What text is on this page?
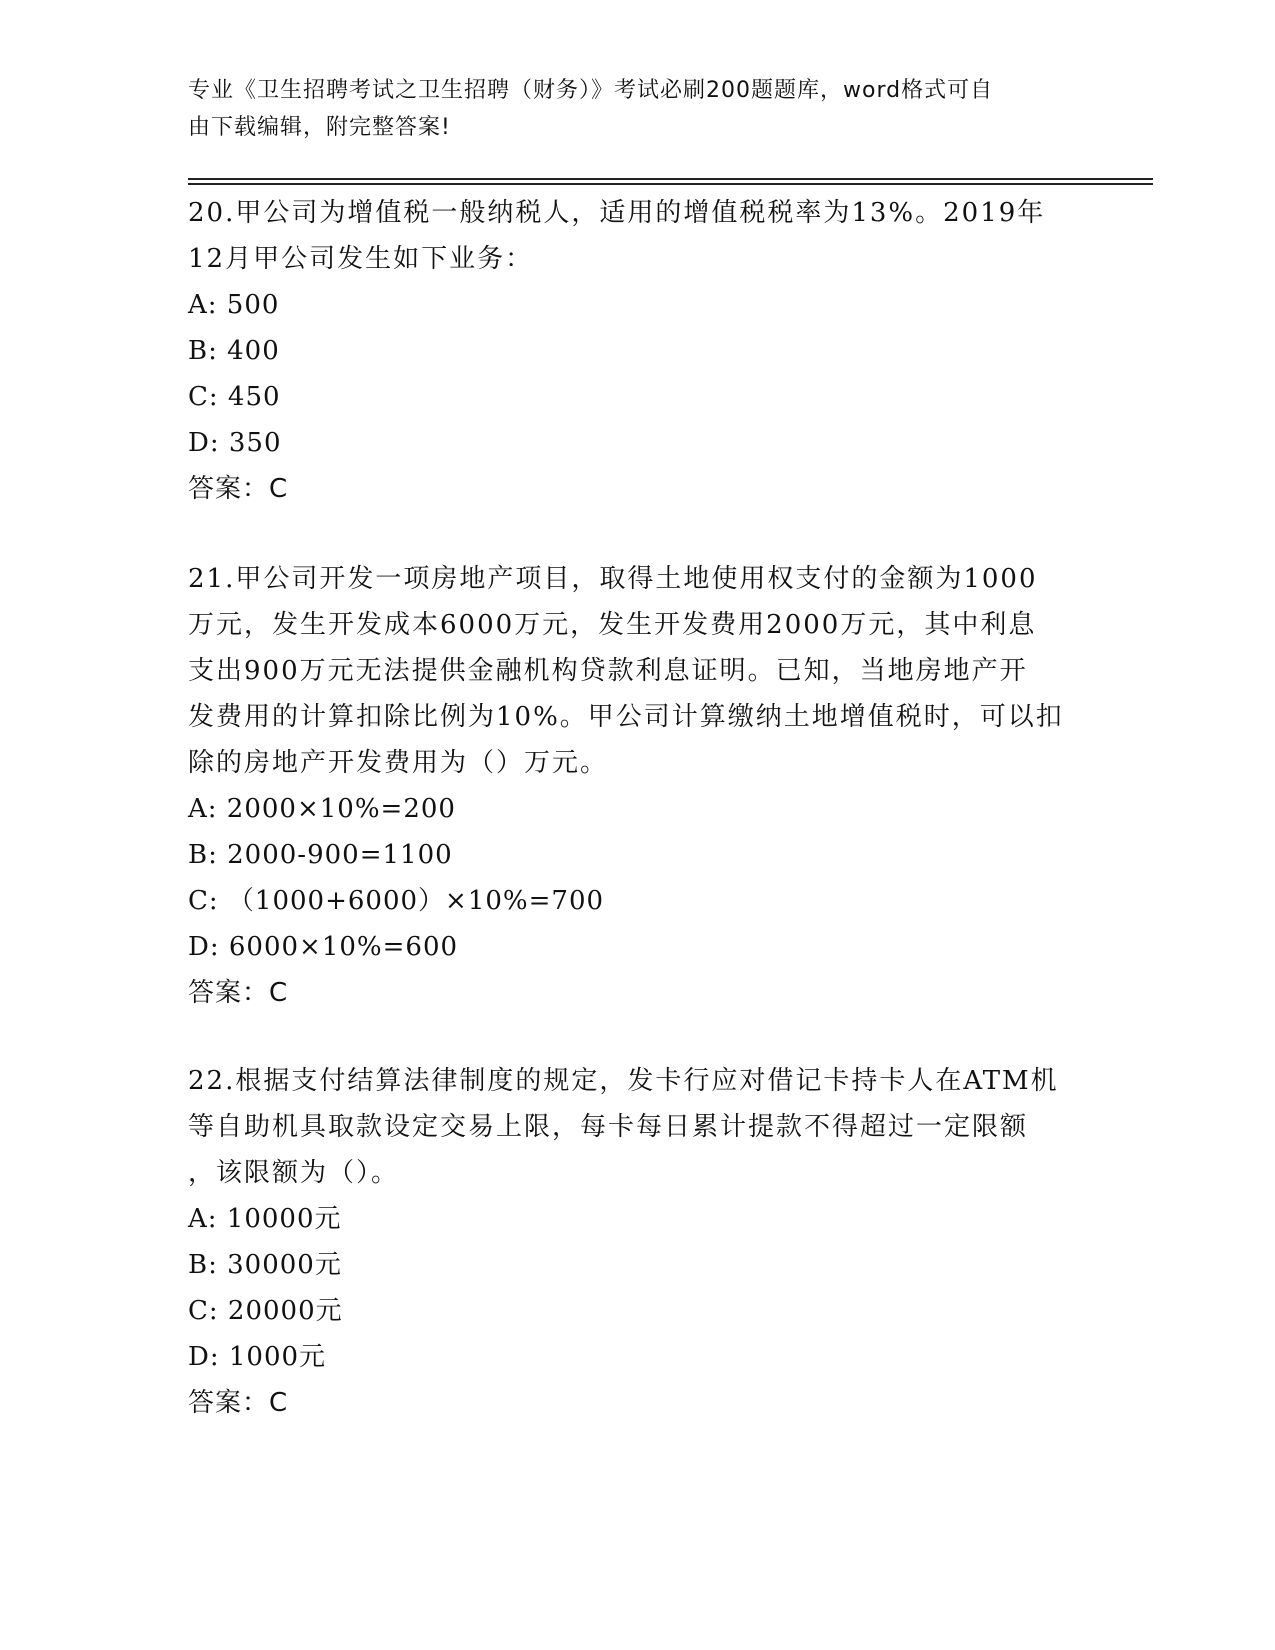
专业《卫生招聘考试之卫生招聘（财务）》考试必刷200题题库，word格式可自
由下载编辑，附完整答案!
20.甲公司为增值税一般纳税人，适用的增值税税率为13%。2019年
12月甲公司发生如下业务：
A: 500
B: 400
C: 450
D: 350
答案：C
21.甲公司开发一项房地产项目，取得土地使用权支付的金额为1000
万元，发生开发成本6000万元，发生开发费用2000万元，其中利息
支出900万元无法提供金融机构贷款利息证明。已知，当地房地产开
发费用的计算扣除比例为10%。甲公司计算缴纳土地增值税时，可以扣
除的房地产开发费用为（）万元。
A: 2000×10%=200
B: 2000-900=1100
C: （1000+6000）×10%=700
D: 6000×10%=600
答案：C
22.根据支付结算法律制度的规定，发卡行应对借记卡持卡人在ATM机
等自助机具取款设定交易上限，每卡每日累计提款不得超过一定限额
，该限额为（）。
A: 10000元
B: 30000元
C: 20000元
D: 1000元
答案：C
